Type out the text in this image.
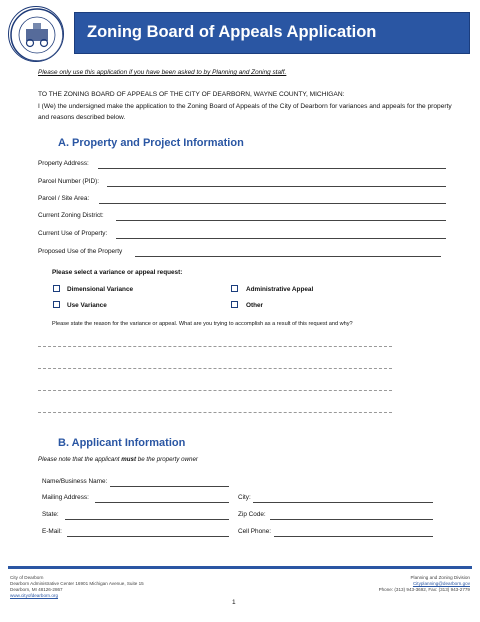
Zoning Board of Appeals Application
Please only use this application if you have been asked to by Planning and Zoning staff.
TO THE ZONING BOARD OF APPEALS OF THE CITY OF DEARBORN, WAYNE COUNTY, MICHIGAN:
I (We) the undersigned make the application to the Zoning Board of Appeals of the City of Dearborn for variances and appeals for the property and reasons described below.
A. Property and Project Information
Property Address:
Parcel Number (PID):
Parcel / Site Area:
Current Zoning District:
Current Use of Property:
Proposed Use of the Property
Please select a variance or appeal request:
Dimensional Variance	Administrative Appeal
Use Variance	Other
Please state the reason for the variance or appeal. What are you trying to accomplish as a result of this request and why?
B. Applicant Information
Please note that the applicant must be the property owner
Name/Business Name:
Mailing Address:	City:
State:	Zip Code:
E-Mail:	Cell Phone:
City of Dearborn
Dearborn Administrative Center 16901 Michigan Avenue, Suite 15
Dearborn, MI 48126-2867
www.cityofdearborn.org
Planning and Zoning Division
Cityplanning@dearborn.gov
Phone: (313) 943-3692, Fax: (313) 943-2779
1
